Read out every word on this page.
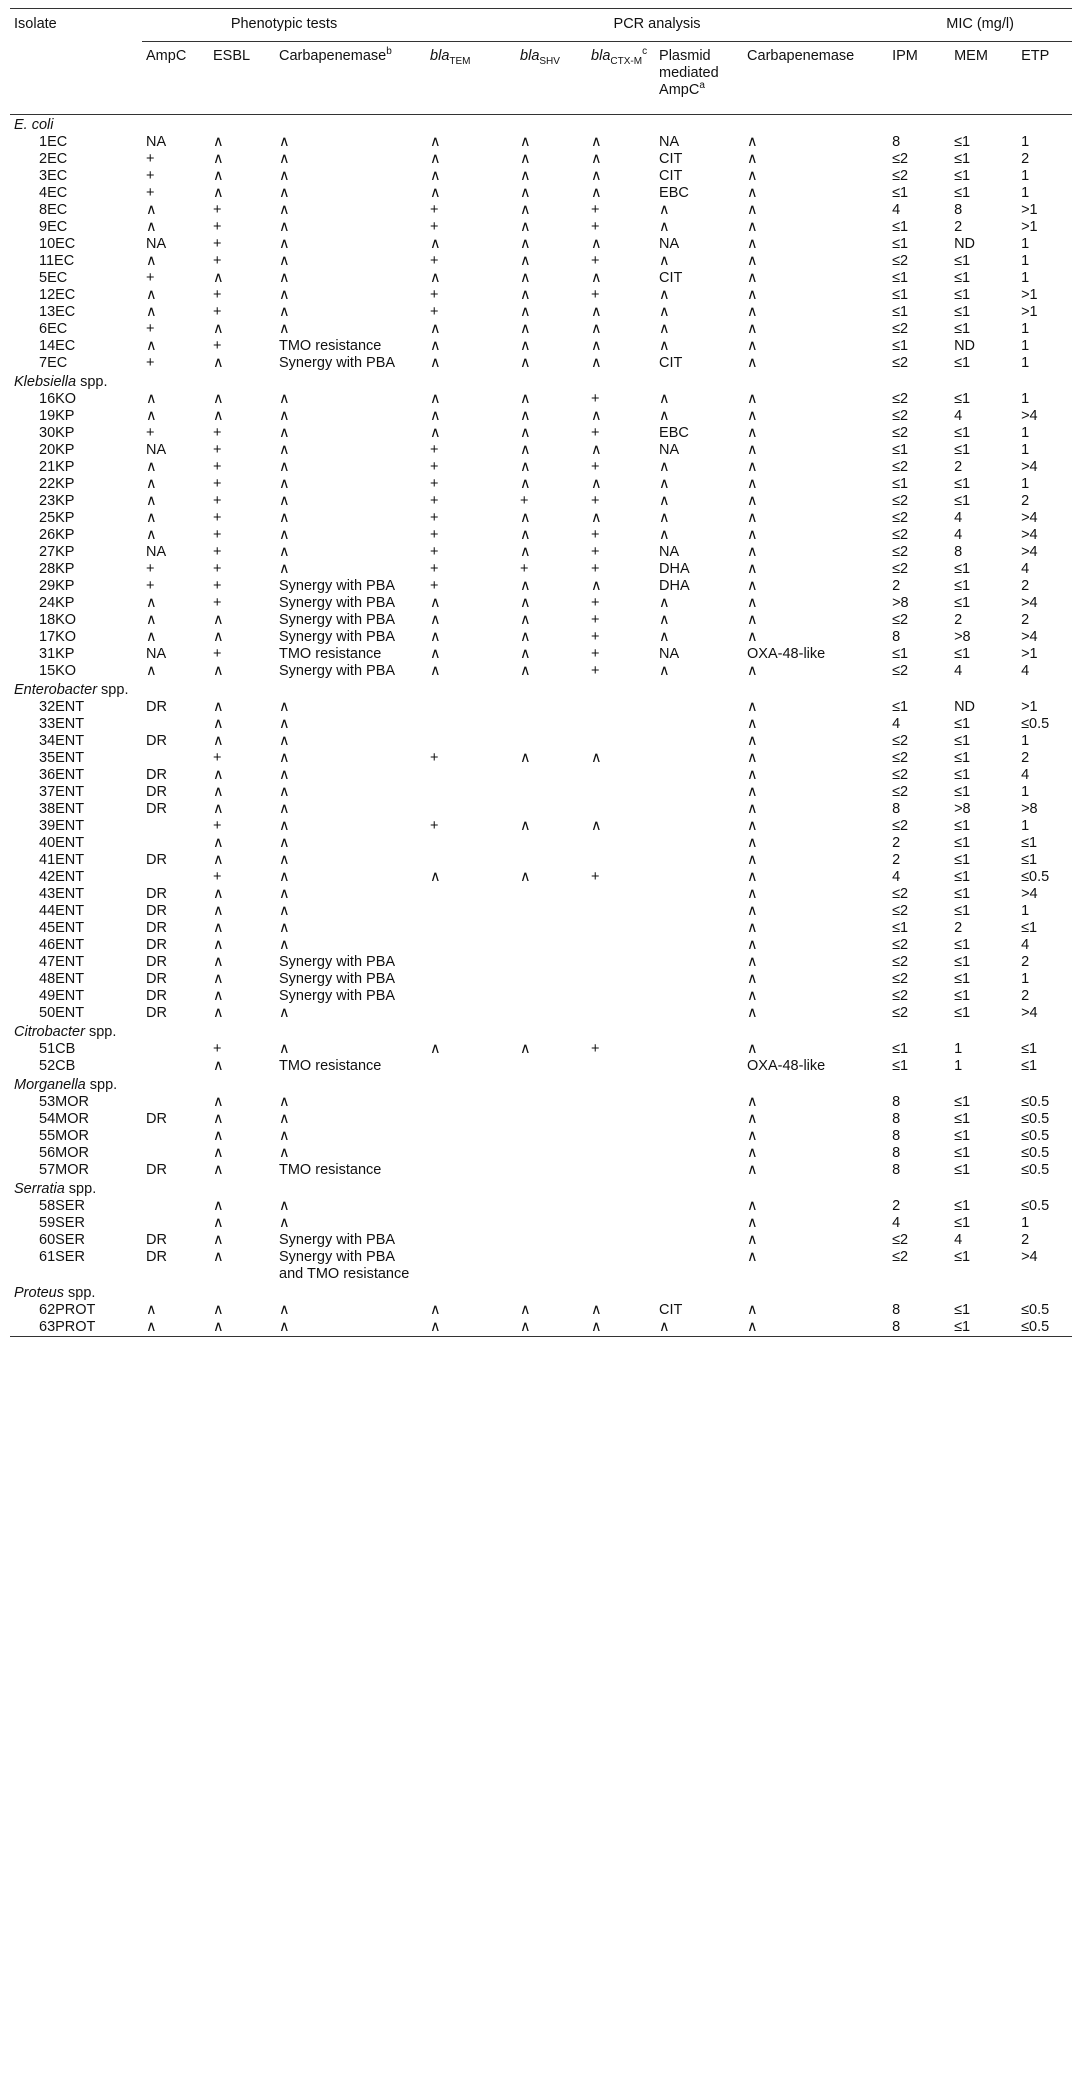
Isolate	Phenotypic tests			PCR analysis					MIC (mg/l)		
	AmpC	ESBL	Carbapenemase$^b$	bla$_{TEM}$	bla$_{SHV}$	bla$_{CTX-M}^c$	Plasmid mediated AmpC$^a$	Carbapenemase	IPM	MEM	ETP
E. coli											
1EC	NA	∧	∧	∧	∧	∧	NA	∧	8	≤1	1
2EC	+	∧	∧	∧	∧	∧	CIT	∧	≤2	≤1	2
3EC	+	∧	∧	∧	∧	∧	CIT	∧	≤2	≤1	1
4EC	+	∧	∧	∧	∧	∧	EBC	∧	≤1	≤1	1
8EC	∧	+	∧	+	∧	+	∧	∧	4	8	>1
9EC	∧	+	∧	+	∧	+	∧	∧	≤1	2	>1
10EC	NA	+	∧	∧	∧	∧	NA	∧	≤1	ND	1
11EC	∧	+	∧	+	∧	+	∧	∧	≤2	≤1	1
5EC	+	∧	∧	∧	∧	∧	CIT	∧	≤1	≤1	1
12EC	∧	+	∧	+	∧	+	∧	∧	≤1	≤1	>1
13EC	∧	+	∧	+	∧	∧	∧	∧	≤1	≤1	>1
6EC	+	∧	∧	∧	∧	∧	∧	∧	≤2	≤1	1
14EC	∧	+	TMO resistance	∧	∧	∧	∧	∧	≤1	ND	1
7EC	+	∧	Synergy with PBA	∧	∧	∧	CIT	∧	≤2	≤1	1
Klebsiella spp.											
16KO	∧	∧	∧	∧	∧	+	∧	∧	≤2	≤1	1
19KP	∧	∧	∧	∧	∧	∧	∧	∧	≤2	4	>4
30KP	+	+	∧	∧	∧	+	EBC	∧	≤2	≤1	1
20KP	NA	+	∧	+	∧	∧	NA	∧	≤1	≤1	1
21KP	∧	+	∧	+	∧	+	∧	∧	≤2	2	>4
22KP	∧	+	∧	+	∧	∧	∧	∧	≤1	≤1	1
23KP	∧	+	∧	+	+	+	∧	∧	≤2	≤1	2
25KP	∧	+	∧	+	∧	∧	∧	∧	≤2	4	>4
26KP	∧	+	∧	+	∧	+	∧	∧	≤2	4	>4
27KP	NA	+	∧	+	∧	+	NA	∧	≤2	8	>4
28KP	+	+	∧	+	+	+	DHA	∧	≤2	≤1	4
29KP	+	+	Synergy with PBA	+	∧	∧	DHA	∧	2	≤1	2
24KP	∧	+	Synergy with PBA	∧	∧	+	∧	∧	>8	≤1	>4
18KO	∧	∧	Synergy with PBA	∧	∧	+	∧	∧	≤2	2	2
17KO	∧	∧	Synergy with PBA	∧	∧	+	∧	∧	8	>8	>4
31KP	NA	+	TMO resistance	∧	∧	+	NA	OXA-48-like	≤1	≤1	>1
15KO	∧	∧	Synergy with PBA	∧	∧	+	∧	∧	≤2	4	4
Enterobacter spp.											
32ENT	DR	∧	∧					∧	≤1	ND	>1
33ENT		∧	∧					∧	4	≤1	≤0.5
34ENT	DR	∧	∧					∧	≤2	≤1	1
35ENT		+	∧	+	∧	∧		∧	≤2	≤1	2
36ENT	DR	∧	∧					∧	≤2	≤1	4
37ENT	DR	∧	∧					∧	≤2	≤1	1
38ENT	DR	∧	∧					∧	8	>8	>8
39ENT		+	∧	+	∧	∧		∧	≤2	≤1	1
40ENT		∧	∧					∧	2	≤1	≤1
41ENT	DR	∧	∧					∧	2	≤1	≤1
42ENT		+	∧	∧	∧	+		∧	4	≤1	≤0.5
43ENT	DR	∧	∧					∧	≤2	≤1	>4
44ENT	DR	∧	∧					∧	≤2	≤1	1
45ENT	DR	∧	∧					∧	≤1	2	≤1
46ENT	DR	∧	∧					∧	≤2	≤1	4
47ENT	DR	∧	Synergy with PBA					∧	≤2	≤1	2
48ENT	DR	∧	Synergy with PBA					∧	≤2	≤1	1
49ENT	DR	∧	Synergy with PBA					∧	≤2	≤1	2
50ENT	DR	∧	∧					∧	≤2	≤1	>4
Citrobacter spp.											
51CB		+	∧	∧	∧	+		∧	≤1	1	≤1
52CB		∧	TMO resistance					OXA-48-like	≤1	1	≤1
Morganella spp.											
53MOR		∧	∧					∧	8	≤1	≤0.5
54MOR	DR	∧	∧					∧	8	≤1	≤0.5
55MOR		∧	∧					∧	8	≤1	≤0.5
56MOR		∧	∧					∧	8	≤1	≤0.5
57MOR	DR	∧	TMO resistance					∧	8	≤1	≤0.5
Serratia spp.											
58SER		∧	∧					∧	2	≤1	≤0.5
59SER		∧	∧					∧	4	≤1	1
60SER	DR	∧	Synergy with PBA					∧	≤2	4	2
61SER	DR	∧	Synergy with PBA and TMO resistance					∧	≤2	≤1	>4
Proteus spp.											
62PROT	∧	∧	∧	∧	∧	∧	CIT	∧	8	≤1	≤0.5
63PROT	∧	∧	∧	∧	∧	∧	∧	∧	8	≤1	≤0.5
